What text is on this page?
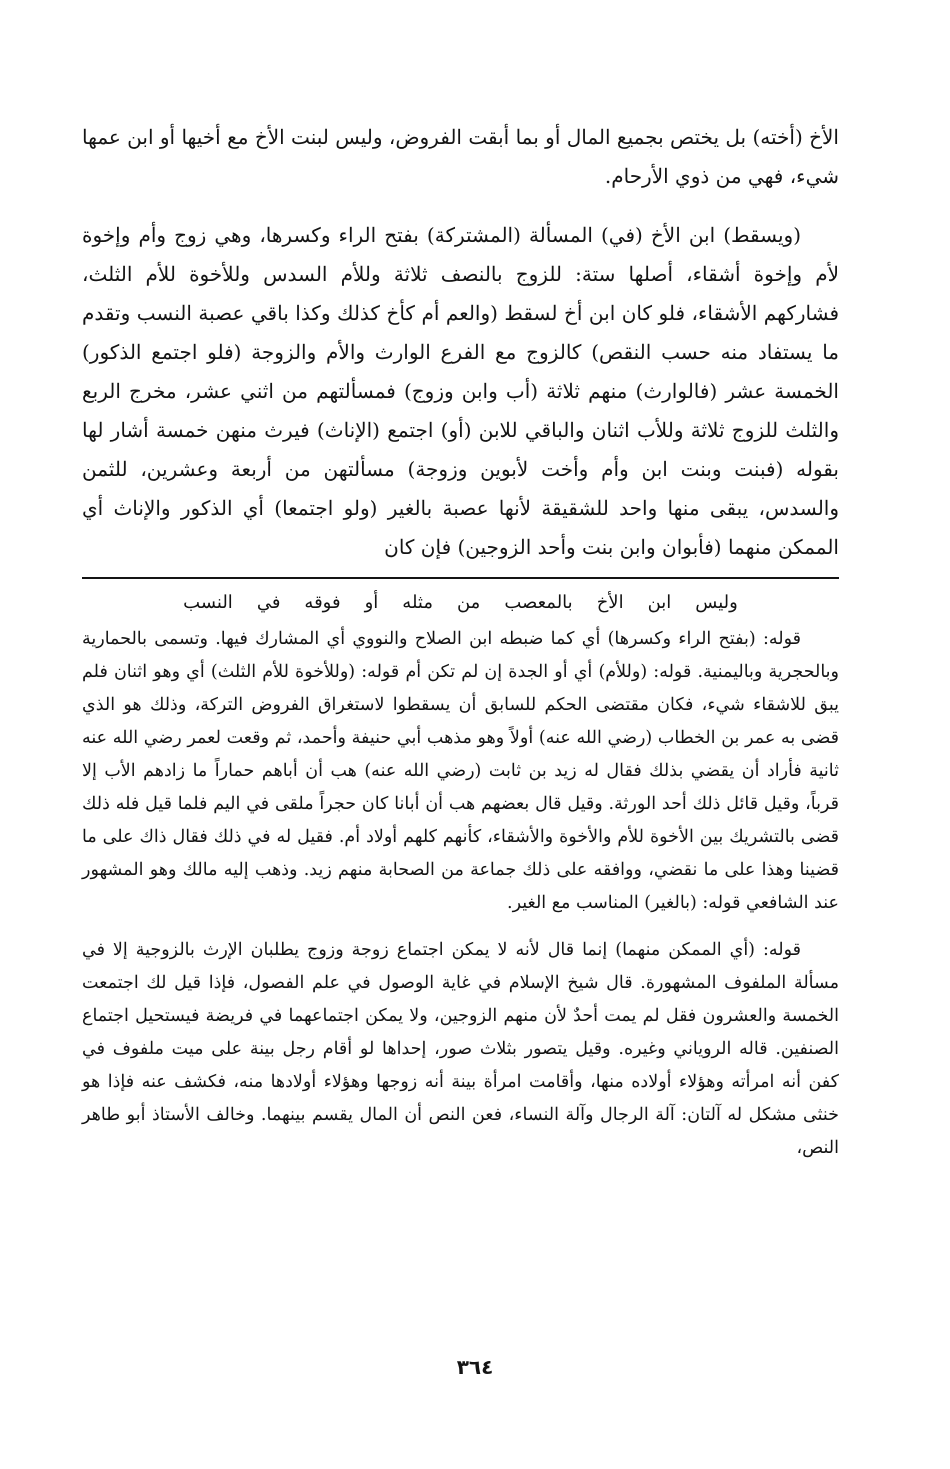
الأخ (أخته) بل يختص بجميع المال أو بما أبقت الفروض، وليس لبنت الأخ مع أخيها أو ابن عمها شيء، فهي من ذوي الأرحام.

(ويسقط) ابن الأخ (في) المسألة (المشتركة) بفتح الراء وكسرها، وهي زوج وأم وإخوة لأم وإخوة أشقاء، أصلها ستة: للزوج بالنصف ثلاثة وللأم السدس وللأخوة للأم الثلث، فشاركهم الأشقاء، فلو كان ابن أخ لسقط (والعم أم كأخ كذلك وكذا باقي عصبة النسب وتقدم ما يستفاد منه حسب النقص) كالزوج مع الفرع الوارث والأم والزوجة (فلو اجتمع الذكور) الخمسة عشر (فالوارث) منهم ثلاثة (أب وابن وزوج) فمسألتهم من اثني عشر، مخرج الربع والثلث للزوج ثلاثة وللأب اثنان والباقي للابن (أو) اجتمع (الإناث) فيرث منهن خمسة أشار لها بقوله (فبنت وبنت ابن وأم وأخت لأبوين وزوجة) مسألتهن من أربعة وعشرين، للثمن والسدس، يبقى منها واحد للشقيقة لأنها عصبة بالغير (ولو اجتمعا) أي الذكور والإناث أي الممكن منهما (فأبوان وابن بنت وأحد الزوجين) فإن كان

وليس
ابن
الأخ
بالمعصب
من
مثله
أو
فوقه
في
النسب

قوله: (بفتح الراء وكسرها) أي كما ضبطه ابن الصلاح والنووي أي المشارك فيها. وتسمى بالحمارية وبالحجرية وباليمنية. قوله: (وللأم) أي أو الجدة إن لم تكن أم قوله: (وللأخوة للأم الثلث) أي وهو اثنان فلم يبق للاشقاء شيء، فكان مقتضى الحكم للسابق أن يسقطوا لاستغراق الفروض التركة، وذلك هو الذي قضى به عمر بن الخطاب (رضي الله عنه) أولاً وهو مذهب أبي حنيفة وأحمد، ثم وقعت لعمر رضي الله عنه ثانية فأراد أن يقضي بذلك فقال له زيد بن ثابت (رضي الله عنه) هب أن أباهم حماراً ما زادهم الأب إلا قرباً، وقيل قائل ذلك أحد الورثة. وقيل قال بعضهم هب أن أبانا كان حجراً ملقى في اليم فلما قيل فله ذلك قضى بالتشريك بين الأخوة للأم والأخوة والأشقاء، كأنهم كلهم أولاد أم. فقيل له في ذلك فقال ذاك على ما قضينا وهذا على ما نقضي، ووافقه على ذلك جماعة من الصحابة منهم زيد. وذهب إليه مالك وهو المشهور عند الشافعي قوله: (بالغير) المناسب مع الغير.

قوله: (أي الممكن منهما) إنما قال لأنه لا يمكن اجتماع زوجة وزوج يطلبان الإرث بالزوجية إلا في مسألة الملفوف المشهورة. قال شيخ الإسلام في غاية الوصول في علم الفصول، فإذا قيل لك اجتمعت الخمسة والعشرون فقل لم يمت أحدٌ لأن منهم الزوجين، ولا يمكن اجتماعهما في فريضة فيستحيل اجتماع الصنفين. قاله الروياني وغيره. وقيل يتصور بثلاث صور، إحداها لو أقام رجل بينة على ميت ملفوف في كفن أنه امرأته وهؤلاء أولاده منها، وأقامت امرأة بينة أنه زوجها وهؤلاء أولادها منه، فكشف عنه فإذا هو خنثى مشكل له آلتان: آلة الرجال وآلة النساء، فعن النص أن المال يقسم بينهما. وخالف الأستاذ أبو طاهر النص،

٣٦٤
